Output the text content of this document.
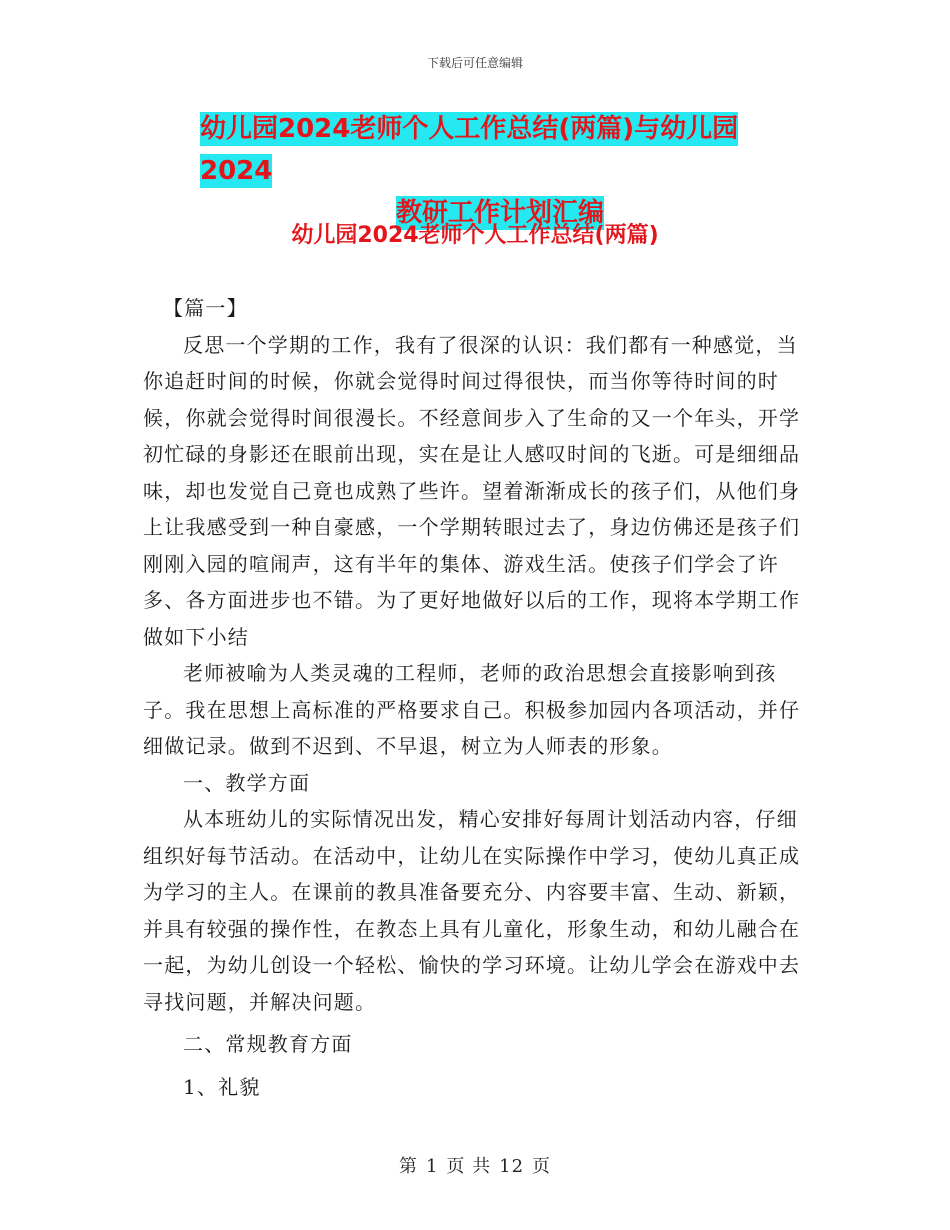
下载后可任意编辑
幼儿园2024老师个人工作总结(两篇)与幼儿园2024
教研工作计划汇编
幼儿园2024老师个人工作总结(两篇)

【篇一】

反思一个学期的工作，我有了很深的认识：我们都有一种感觉，当你追赶时间的时候，你就会觉得时间过得很快，而当你等待时间的时候，你就会觉得时间很漫长。不经意间步入了生命的又一个年头，开学初忙碌的身影还在眼前出现，实在是让人感叹时间的飞逝。可是细细品味，却也发觉自己竟也成熟了些许。望着渐渐成长的孩子们，从他们身上让我感受到一种自豪感，一个学期转眼过去了，身边仿佛还是孩子们刚刚入园的喧闹声，这有半年的集体、游戏生活。使孩子们学会了许多、各方面进步也不错。为了更好地做好以后的工作，现将本学期工作做如下小结

老师被喻为人类灵魂的工程师，老师的政治思想会直接影响到孩子。我在思想上高标准的严格要求自己。积极参加园内各项活动，并仔细做记录。做到不迟到、不早退，树立为人师表的形象。

一、教学方面

从本班幼儿的实际情况出发，精心安排好每周计划活动内容，仔细组织好每节活动。在活动中，让幼儿在实际操作中学习，使幼儿真正成为学习的主人。在课前的教具准备要充分、内容要丰富、生动、新颖，并具有较强的操作性，在教态上具有儿童化，形象生动，和幼儿融合在一起，为幼儿创设一个轻松、愉快的学习环境。让幼儿学会在游戏中去寻找问题，并解决问题。

二、常规教育方面

1、礼貌

第 1 页 共 12 页
